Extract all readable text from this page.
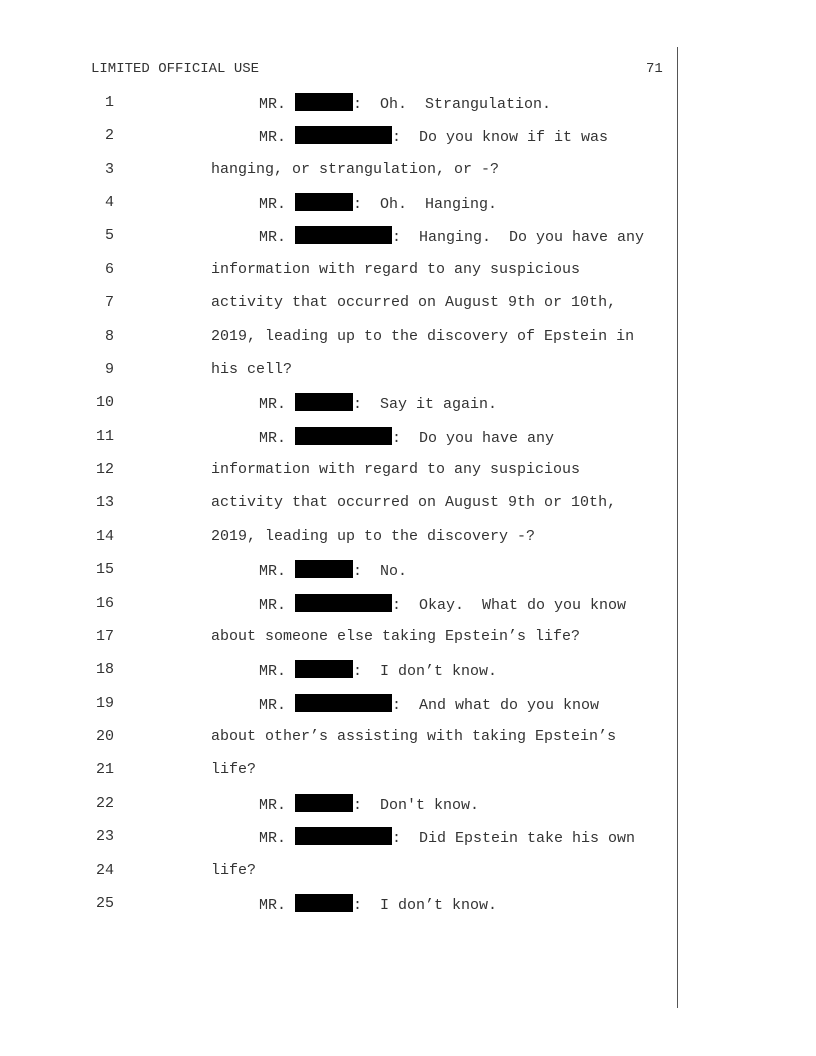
LIMITED OFFICIAL USE	71
1	MR.	:  Oh.  Strangulation.
2	MR.	:  Do you know if it was
3	hanging, or strangulation, or -?
4	MR.	:  Oh.  Hanging.
5	MR.	:  Hanging.  Do you have any
6	information with regard to any suspicious
7	activity that occurred on August 9th or 10th,
8	2019, leading up to the discovery of Epstein in
9	his cell?
10	MR.	:  Say it again.
11	MR.	:  Do you have any
12	information with regard to any suspicious
13	activity that occurred on August 9th or 10th,
14	2019, leading up to the discovery -?
15	MR.	:  No.
16	MR.	:  Okay.  What do you know
17	about someone else taking Epstein’s life?
18	MR.	:  I don’t know.
19	MR.	:  And what do you know
20	about other’s assisting with taking Epstein’s
21	life?
22	MR.	:  Don't know.
23	MR.	:  Did Epstein take his own
24	life?
25	MR.	:  I don’t know.
